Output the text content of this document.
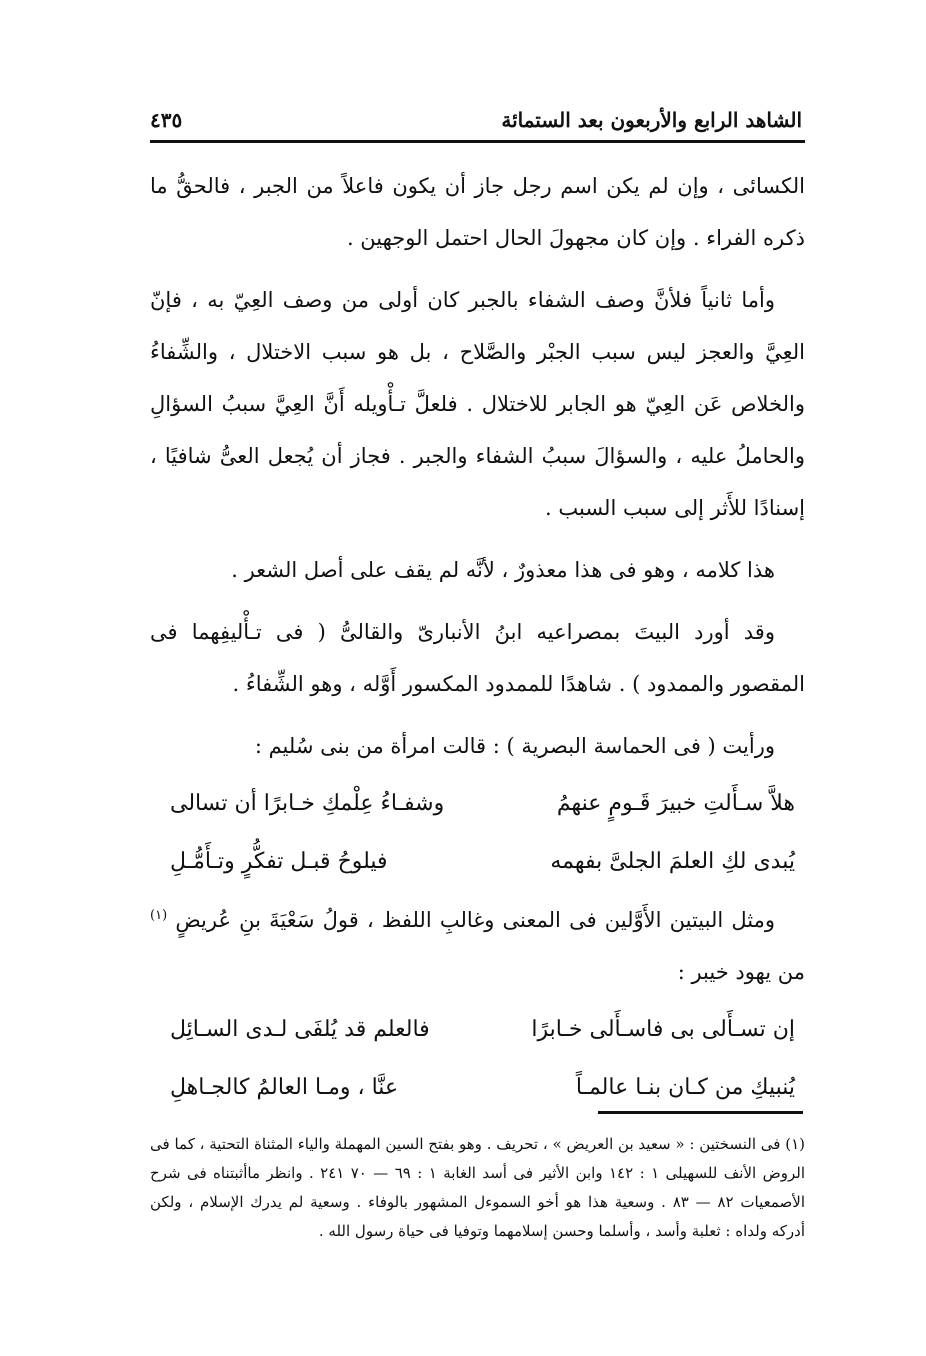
الشاهد الرابع والأربعون بعد الستمائة
٤٣٥

الكسائى ، وإن لم يكن اسم رجل جاز أن يكون فاعلاً من الجبر ، فالحقُّ ما ذكره الفراء . وإن كان مجهولَ الحال احتمل الوجهين .

وأما ثانياً فلأنَّ وصف الشفاء بالجبر كان أولى من وصف العِيّ به ، فإنّ العِيَّ والعجز ليس سبب الجبْر والصَّلاح ، بل هو سبب الاختلال ، والشِّفاءُ والخلاص عَن العِيّ هو الجابر للاختلال . فلعلَّ تـأْويله أَنَّ العِيَّ سببُ السؤالِ والحاملُ عليه ، والسؤالَ سببُ الشفاء والجبر . فجاز أن يُجعل العىُّ شافيًا ، إسنادًا للأَثر إلى سبب السبب .

هذا كلامه ، وهو فى هذا معذورٌ ، لأنَّه لم يقف على أصل الشعر .

وقد أورد البيتَ بمصراعيه ابنُ الأنبارىّ والقالىُّ ( فى تـأْليفِهما فى المقصور والممدود ) . شاهدًا للممدود المكسور أَوَّله ، وهو الشِّفاءُ .

ورأيت ( فى الحماسة البصرية ) : قالت امرأة من بنى سُليم :

هلاَّ سـأَلتِ خبيرَ قَـومٍ عنهمُ
وشفـاءُ عِلْمكِ خـابرًا أن تسالى
يُبدى لكِ العلمَ الجلىَّ بفهمه
فيلوحُ قبـل تفكُّرٍ وتـأَمُّـلِ

ومثل البيتين الأَوَّلين فى المعنى وغالبِ اللفظ ، قولُ سَعْيَةَ بنِ عُريضٍ $^{(١)}$ من يهود خيبر :

إن تسـأَلى بى فاسـأَلى خـابرًا
فالعلم قد يُلفَى لـدى السـائِل
يُنبيكِ من كـان بنـا عالمـاً
عنَّا ، ومـا العالمُ كالجـاهلِ

(١) فى النسختين : « سعيد بن العريض » ، تحريف . وهو بفتح السين المهملة والياء المثناة التحتية ، كما فى الروض الأنف للسهيلى ١ : ١٤٢ وابن الأثير فى أسد الغابة ١ : ٦٩ — ٧٠ ٢٤١ . وانظر ماأثبتناه فى شرح الأصمعيات ٨٢ — ٨٣ . وسعية هذا هو أخو السموءل المشهور بالوفاء . وسعية لم يدرك الإسلام ، ولكن أدركه ولداه : ثعلبة وأسد ، وأسلما وحسن إسلامهما وتوفيا فى حياة رسول الله .
